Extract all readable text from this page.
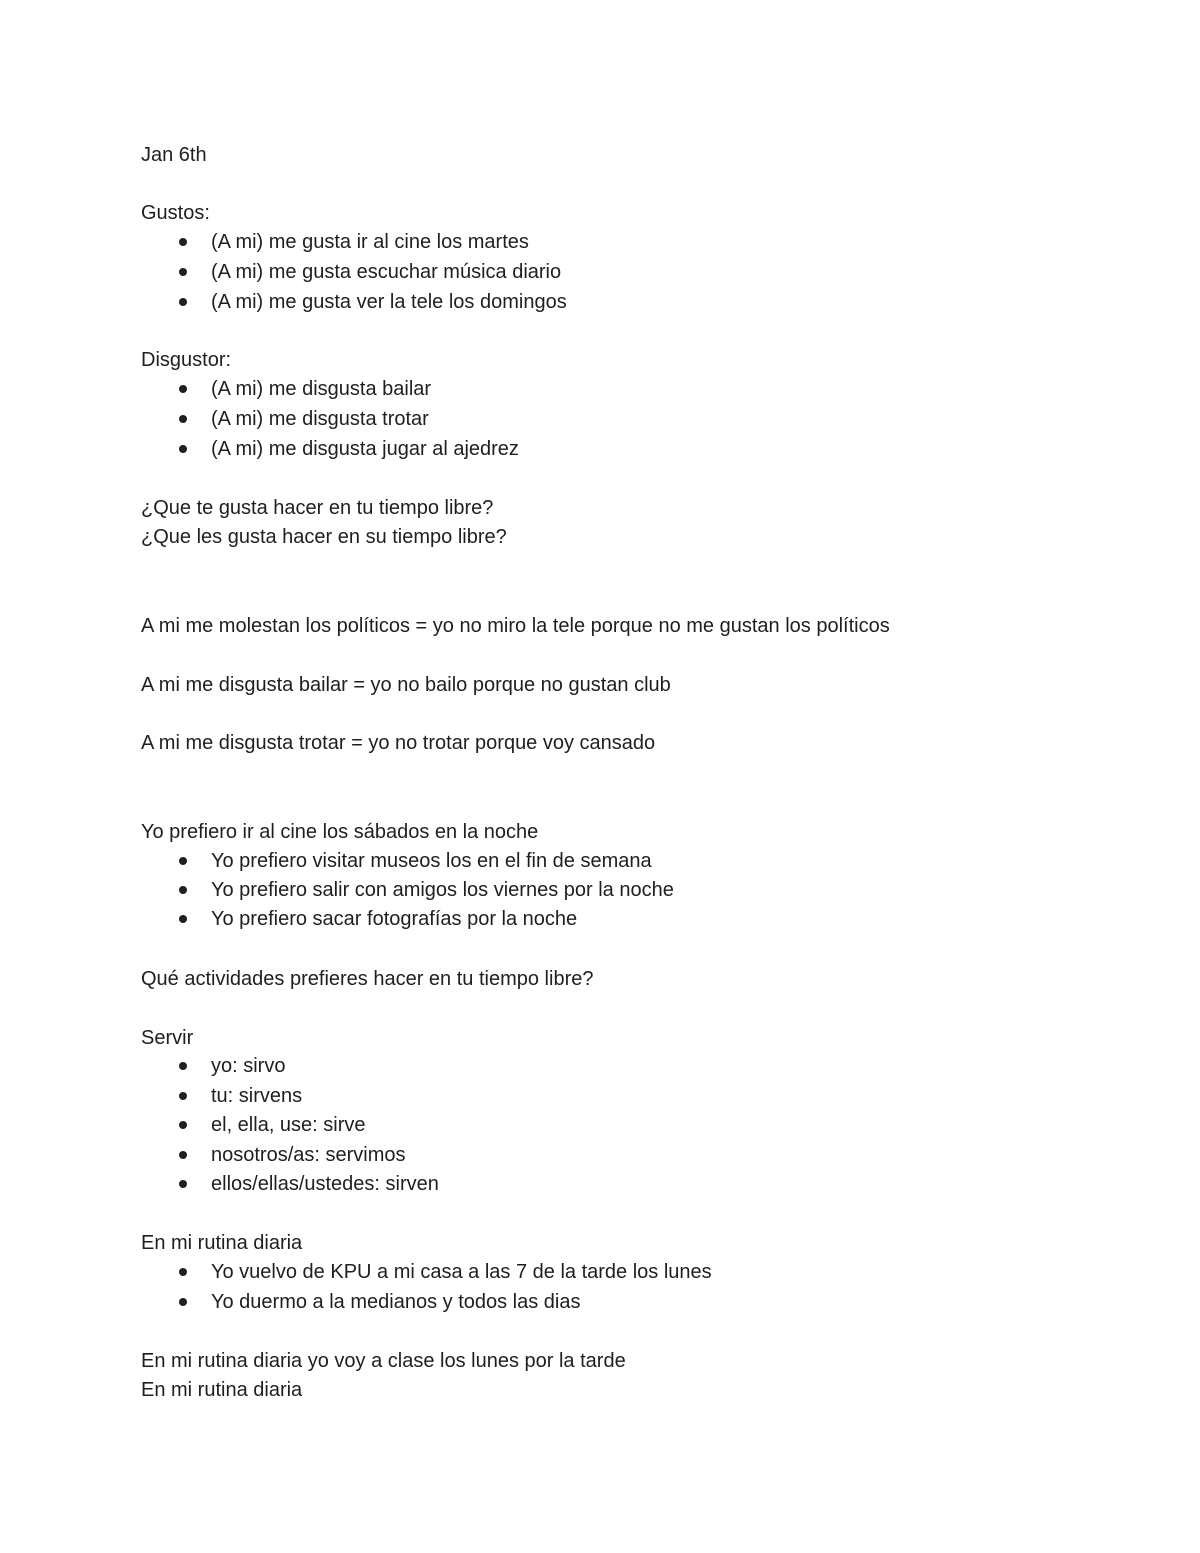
Jan 6th
Gustos:
(A mi) me gusta ir al cine los martes
(A mi) me gusta escuchar música diario
(A mi) me gusta ver la tele los domingos
Disgustor:
(A mi) me disgusta bailar
(A mi) me disgusta trotar
(A mi) me disgusta jugar al ajedrez
¿Que te gusta hacer en tu tiempo libre?
¿Que les gusta hacer en su tiempo libre?
A mi me molestan los políticos = yo no miro la tele porque no me gustan los políticos
A mi me disgusta bailar = yo no bailo porque no gustan club
A mi me disgusta trotar = yo no trotar porque voy cansado
Yo prefiero ir al cine los sábados en la noche
Yo prefiero visitar museos los en el fin de semana
Yo prefiero salir con amigos los viernes por la noche
Yo prefiero sacar fotografías por la noche
Qué actividades prefieres hacer en tu tiempo libre?
Servir
yo: sirvo
tu: sirvens
el, ella, use: sirve
nosotros/as: servimos
ellos/ellas/ustedes: sirven
En mi rutina diaria
Yo vuelvo de KPU a mi casa a las 7 de la tarde los lunes
Yo duermo a la medianos y todos las dias
En mi rutina diaria yo voy a clase los lunes por la tarde
En mi rutina diaria
